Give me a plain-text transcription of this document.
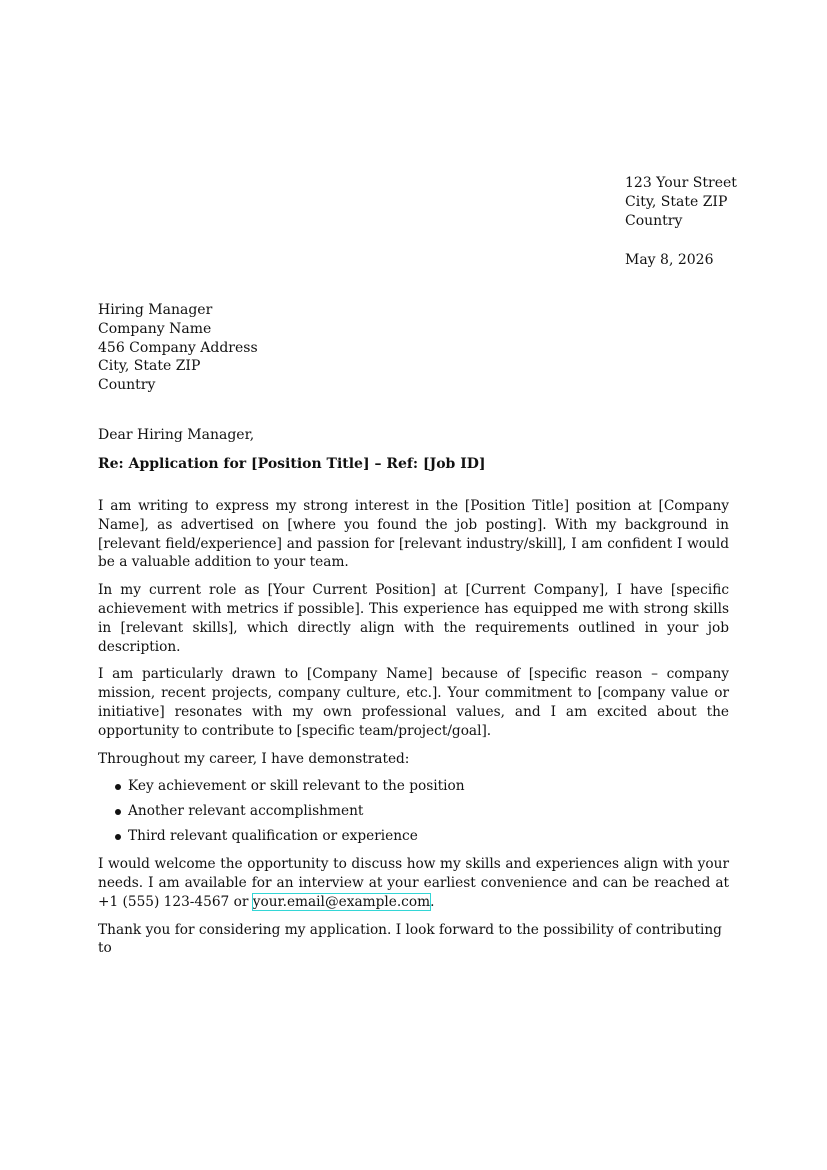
123 Your Street
City, State ZIP
Country
May 8, 2026
Hiring Manager
Company Name
456 Company Address
City, State ZIP
Country
Dear Hiring Manager,
Re: Application for [Position Title] – Ref: [Job ID]

I am writing to express my strong interest in the [Position Title] position at [Company Name], as advertised on [where you found the job posting]. With my background in [relevant field/experience] and passion for [relevant industry/skill], I am confident I would be a valuable addition to your team.

In my current role as [Your Current Position] at [Current Company], I have [specific achievement with metrics if possible]. This experience has equipped me with strong skills in [relevant skills], which directly align with the requirements outlined in your job description.

I am particularly drawn to [Company Name] because of [specific reason – company mission, recent projects, company culture, etc.]. Your commitment to [company value or initiative] resonates with my own professional values, and I am excited about the opportunity to contribute to [specific team/project/goal].

Throughout my career, I have demonstrated:

Key achievement or skill relevant to the position
Another relevant accomplishment
Third relevant qualification or experience

I would welcome the opportunity to discuss how my skills and experiences align with your needs. I am available for an interview at your earliest convenience and can be reached at +1 (555) 123-4567 or your.email@example.com.

Thank you for considering my application. I look forward to the possibility of contributing to
